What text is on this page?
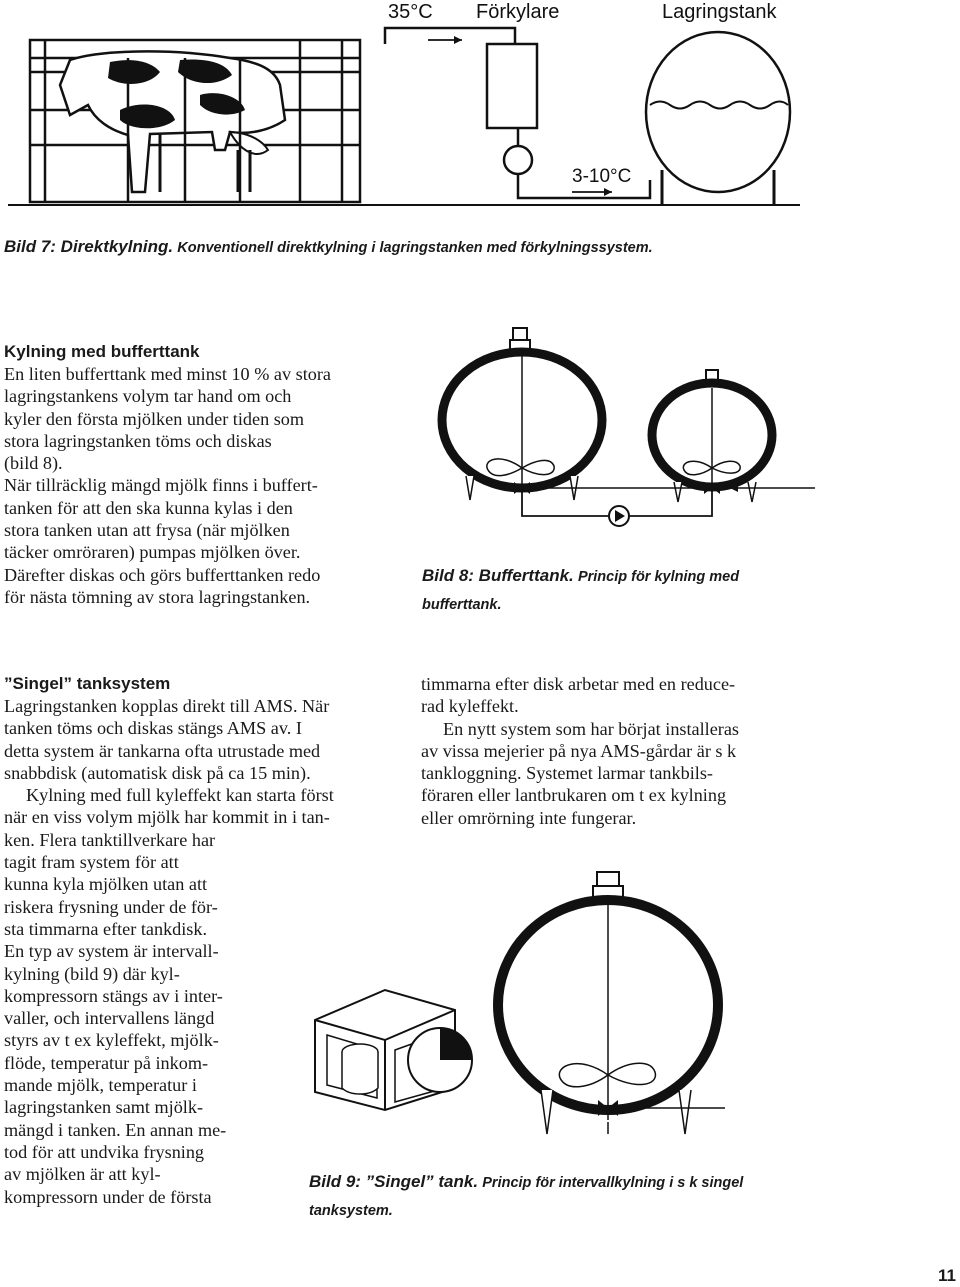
35°C Förkylare	Lagringstank
3-10°C
Bild 7: Direktkylning. Konventionell direktkylning i lagringstanken med förkylningssystem.
Kylning med bufferttank
En liten bufferttank med minst 10 % av stora
lagringstankens volym tar hand om och
kyler den första mjölken under tiden som
stora lagringstanken töms och diskas
(bild 8).
När tillräcklig mängd mjölk finns i buffert-
tanken för att den ska kunna kylas i den
stora tanken utan att frysa (när mjölken
täcker omröraren) pumpas mjölken över.
Därefter diskas och görs bufferttanken redo
för nästa tömning av stora lagringstanken.
Bild 8: Bufferttank. Princip för kylning med
bufferttank.
”Singel” tanksystem

Lagringstanken kopplas direkt till AMS. När
tanken töms och diskas stängs AMS av. I
detta system är tankarna ofta utrustade med
snabbdisk (automatisk disk på ca 15 min).

Kylning med full kyleffekt kan starta först
när en viss volym mjölk har kommit in i tan-
ken. Flera tanktillverkare har
tagit fram system för att
kunna kyla mjölken utan att
riskera frysning under de för-
sta timmarna efter tankdisk.
En typ av system är intervall-
kylning (bild 9) där kyl-
kompressorn stängs av i inter-
valler, och intervallens längd
styrs av t ex kyleffekt, mjölk-
flöde, temperatur på inkom-
mande mjölk, temperatur i
lagringstanken samt mjölk-
mängd i tanken. En annan me-
tod för att undvika frysning
av mjölken är att kyl-
kompressorn under de första

timmarna efter disk arbetar med en reduce-
rad kyleffekt.

En nytt system som har börjat installeras
av vissa mejerier på nya AMS-gårdar är s k
tankloggning. Systemet larmar tankbils-
föraren eller lantbrukaren om t ex kylning
eller omrörning inte fungerar.

Bild 9: ”Singel” tank. Princip för intervallkylning i s k singel
tanksystem.
11
